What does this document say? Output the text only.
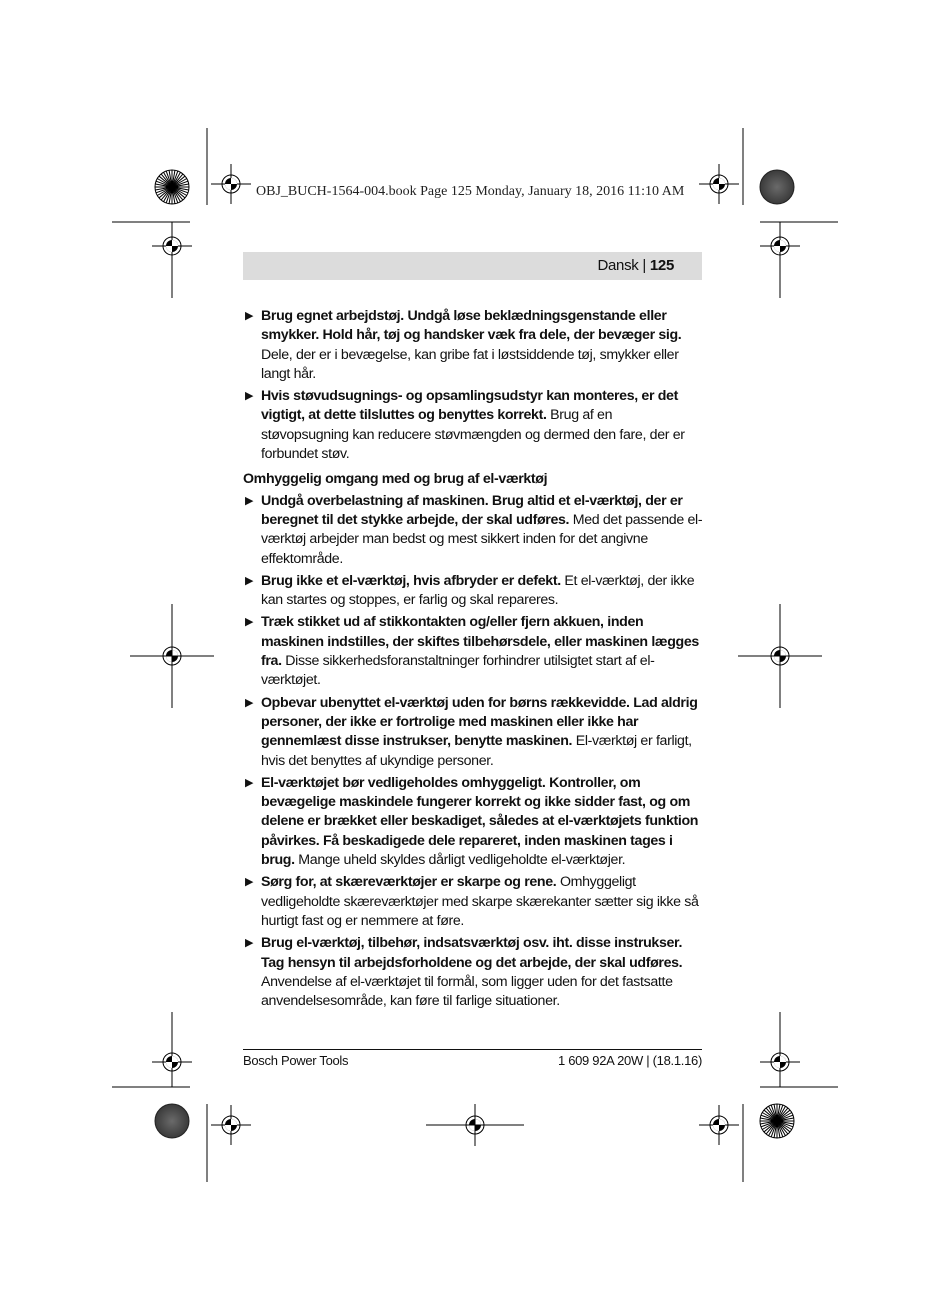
OBJ_BUCH-1564-004.book Page 125 Monday, January 18, 2016 11:10 AM
Dansk | 125
▶ Brug egnet arbejdstøj. Undgå løse beklædningsgenstande eller smykker. Hold hår, tøj og handsker væk fra dele, der bevæger sig. Dele, der er i bevægelse, kan gribe fat i løstsiddende tøj, smykker eller langt hår.
▶ Hvis støvudsugnings- og opsamlingsudstyr kan monteres, er det vigtigt, at dette tilsluttes og benyttes korrekt. Brug af en støvopsugning kan reducere støvmængden og dermed den fare, der er forbundet støv.
Omhyggelig omgang med og brug af el-værktøj
▶ Undgå overbelastning af maskinen. Brug altid et el-værktøj, der er beregnet til det stykke arbejde, der skal udføres. Med det passende el-værktøj arbejder man bedst og mest sikkert inden for det angivne effektområde.
▶ Brug ikke et el-værktøj, hvis afbryder er defekt. Et el-værktøj, der ikke kan startes og stoppes, er farlig og skal repareres.
▶ Træk stikket ud af stikkontakten og/eller fjern akkuen, inden maskinen indstilles, der skiftes tilbehørsdele, eller maskinen lægges fra. Disse sikkerhedsforanstaltninger forhindrer utilsigtet start af el-værktøjet.
▶ Opbevar ubenyttet el-værktøj uden for børns rækkevidde. Lad aldrig personer, der ikke er fortrolige med maskinen eller ikke har gennemlæst disse instrukser, benytte maskinen. El-værktøj er farligt, hvis det benyttes af ukyndige personer.
▶ El-værktøjet bør vedligeholdes omhyggeligt. Kontroller, om bevægelige maskindele fungerer korrekt og ikke sidder fast, og om delene er brækket eller beskadiget, således at el-værktøjets funktion påvirkes. Få beskadigede dele repareret, inden maskinen tages i brug. Mange uheld skyldes dårligt vedligeholdte el-værktøjer.
▶ Sørg for, at skæreværktøjer er skarpe og rene. Omhyggeligt vedligeholdte skæreværktøjer med skarpe skærekanter sætter sig ikke så hurtigt fast og er nemmere at føre.
▶ Brug el-værktøj, tilbehør, indsatsværktøj osv. iht. disse instrukser. Tag hensyn til arbejdsforholdene og det arbejde, der skal udføres. Anvendelse af el-værktøjet til formål, som ligger uden for det fastsatte anvendelsesområde, kan føre til farlige situationer.
Bosch Power Tools	1 609 92A 20W | (18.1.16)
